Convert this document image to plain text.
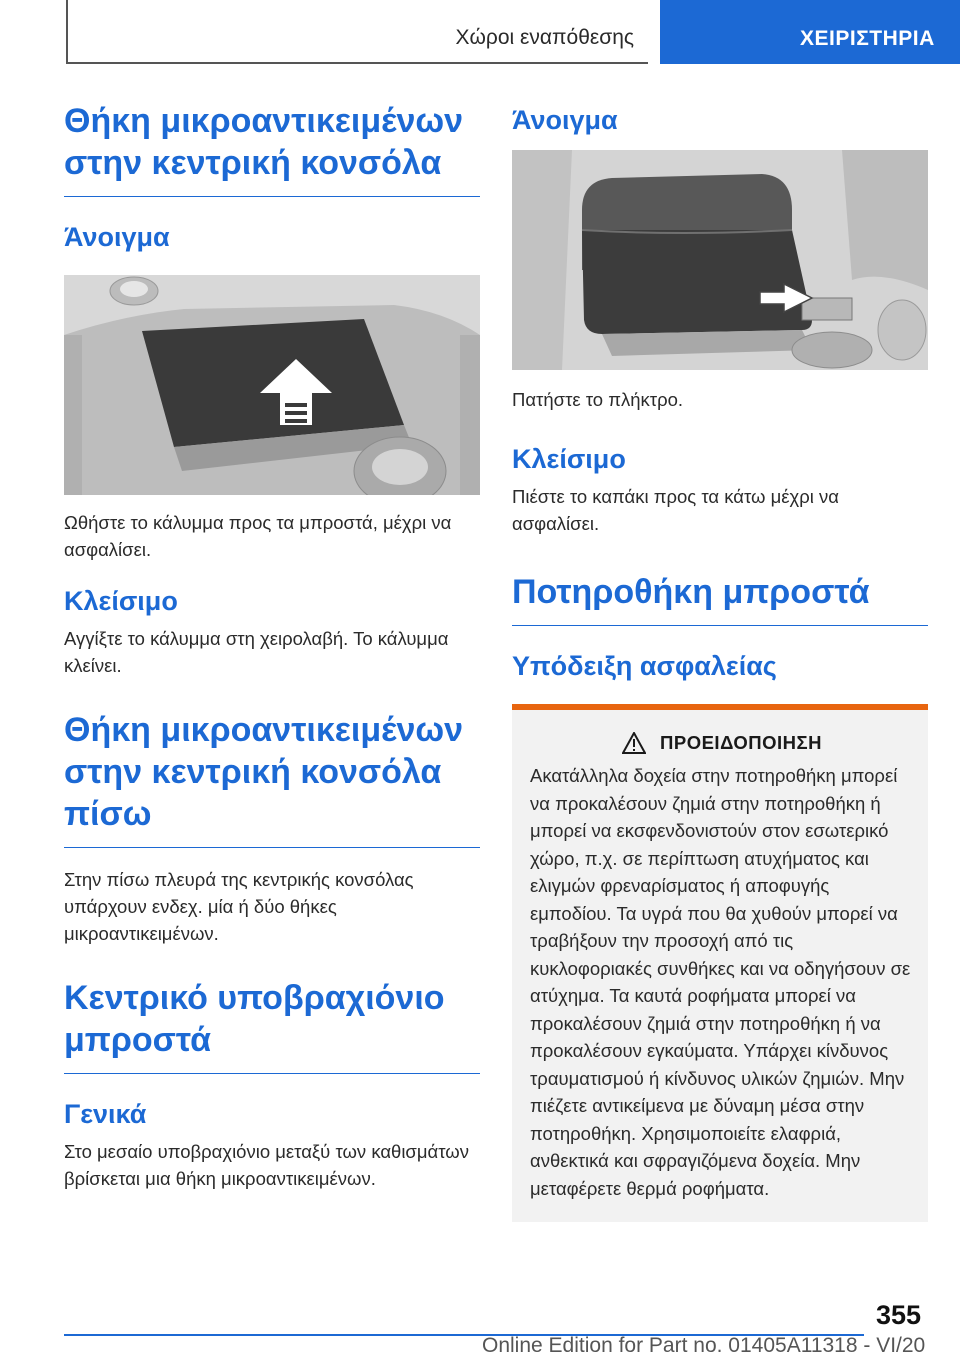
Χώροι εναπόθεσης	ΧΕΙΡΙΣΤΗΡΙΑ
Θήκη μικροαντικειμένων στην κεντρική κονσόλα
Άνοιγμα

Ωθήστε το κάλυμμα προς τα μπροστά, μέχρι να ασφαλίσει.

Κλείσιμο

Αγγίξτε το κάλυμμα στη χειρολαβή. Το κάλυμμα κλείνει.

Θήκη μικροαντικειμένων στην κεντρική κονσόλα πίσω

Στην πίσω πλευρά της κεντρικής κονσόλας υπάρχουν ενδεχ. μία ή δύο θήκες μικροαντικειμένων.

Κεντρικό υποβραχιόνιο μπροστά
Γενικά

Στο μεσαίο υποβραχιόνιο μεταξύ των καθισμάτων βρίσκεται μια θήκη μικροαντικειμένων.

Άνοιγμα

Πατήστε το πλήκτρο.

Κλείσιμο

Πιέστε το καπάκι προς τα κάτω μέχρι να ασφαλίσει.

Ποτηροθήκη μπροστά
Υπόδειξη ασφαλείας
ΠΡΟΕΙΔΟΠΟΙΗΣΗ

Ακατάλληλα δοχεία στην ποτηροθήκη μπορεί να προκαλέσουν ζημιά στην ποτηροθήκη ή μπορεί να εκσφενδονιστούν στον εσωτερικό χώρο, π.χ. σε περίπτωση ατυχήματος και ελιγμών φρεναρίσματος ή αποφυγής εμποδίου. Τα υγρά που θα χυθούν μπορεί να τραβήξουν την προσοχή από τις κυκλοφοριακές συνθήκες και να οδηγήσουν σε ατύχημα. Τα καυτά ροφήματα μπορεί να προκαλέσουν ζημιά στην ποτηροθήκη ή να προκαλέσουν εγκαύματα. Υπάρχει κίνδυνος τραυματισμού ή κίνδυνος υλικών ζημιών. Μην πιέζετε αντικείμενα με δύναμη μέσα στην ποτηροθήκη. Χρησιμοποιείτε ελαφριά, ανθεκτικά και σφραγιζόμενα δοχεία. Μην μεταφέρετε θερμά ροφήματα.

355
Online Edition for Part no. 01405A11318 - VI/20
